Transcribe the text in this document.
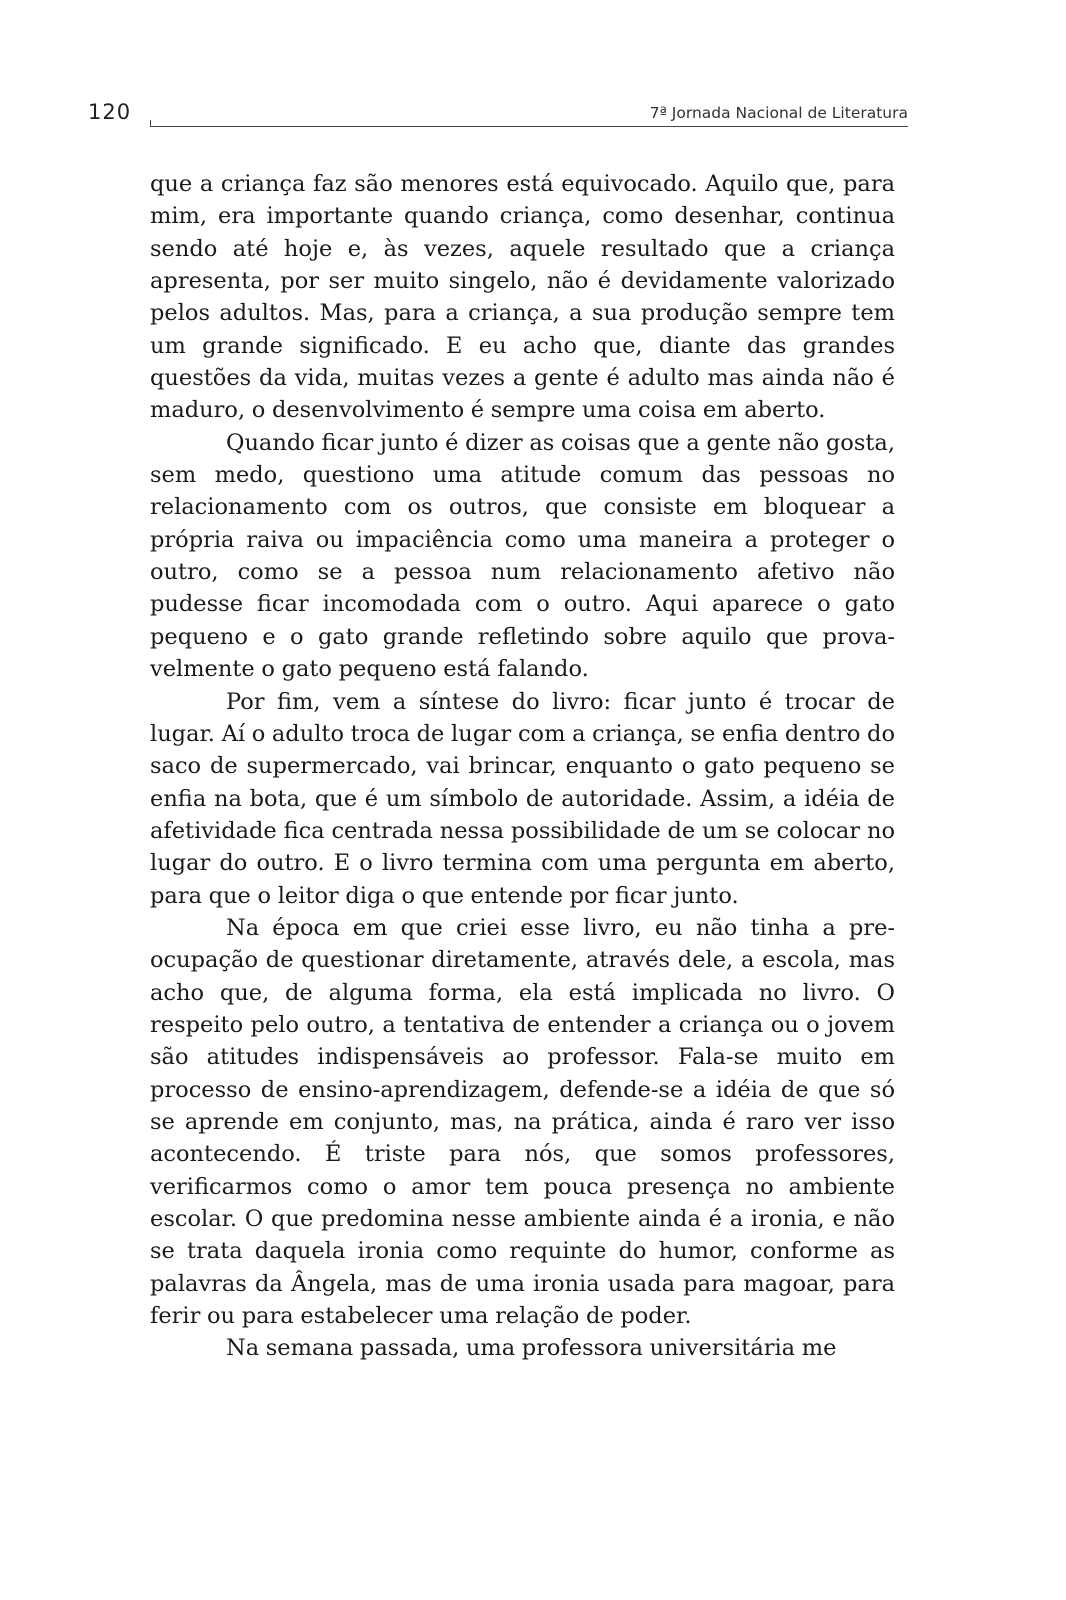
120	7ª Jornada Nacional de Literatura

que a criança faz são menores está equivocado. Aquilo que, para mim, era importante quando criança, como desenhar, continua sendo até hoje e, às vezes, aquele resultado que a criança apresenta, por ser muito singelo, não é devidamente valorizado pelos adultos. Mas, para a criança, a sua produção sempre tem um grande significado. E eu acho que, diante das grandes questões da vida, muitas vezes a gente é adulto mas ainda não é maduro, o desenvolvimento é sempre uma coisa em aberto.

Quando ficar junto é dizer as coisas que a gente não gosta, sem medo, questiono uma atitude comum das pessoas no relacionamento com os outros, que consiste em bloquear a própria raiva ou impaciência como uma maneira a proteger o outro, como se a pessoa num relacionamento afetivo não pudesse ficar incomodada com o outro. Aqui aparece o gato pequeno e o gato grande refletindo sobre aquilo que provavelmente o gato pequeno está falando.

Por fim, vem a síntese do livro: ficar junto é trocar de lugar. Aí o adulto troca de lugar com a criança, se enfia dentro do saco de supermercado, vai brincar, enquanto o gato pequeno se enfia na bota, que é um símbolo de autoridade. Assim, a idéia de afetividade fica centrada nessa possibilidade de um se colocar no lugar do outro. E o livro termina com uma pergunta em aberto, para que o leitor diga o que entende por ficar junto.

Na época em que criei esse livro, eu não tinha a preocupação de questionar diretamente, através dele, a escola, mas acho que, de alguma forma, ela está implicada no livro. O respeito pelo outro, a tentativa de entender a criança ou o jovem são atitudes indispensáveis ao professor. Fala-se muito em processo de ensino-aprendizagem, defende-se a idéia de que só se aprende em conjunto, mas, na prática, ainda é raro ver isso acontecendo. É triste para nós, que somos professores, verificarmos como o amor tem pouca presença no ambiente escolar. O que predomina nesse ambiente ainda é a ironia, e não se trata daquela ironia como requinte do humor, conforme as palavras da Ângela, mas de uma ironia usada para magoar, para ferir ou para estabelecer uma relação de poder.

Na semana passada, uma professora universitária me
